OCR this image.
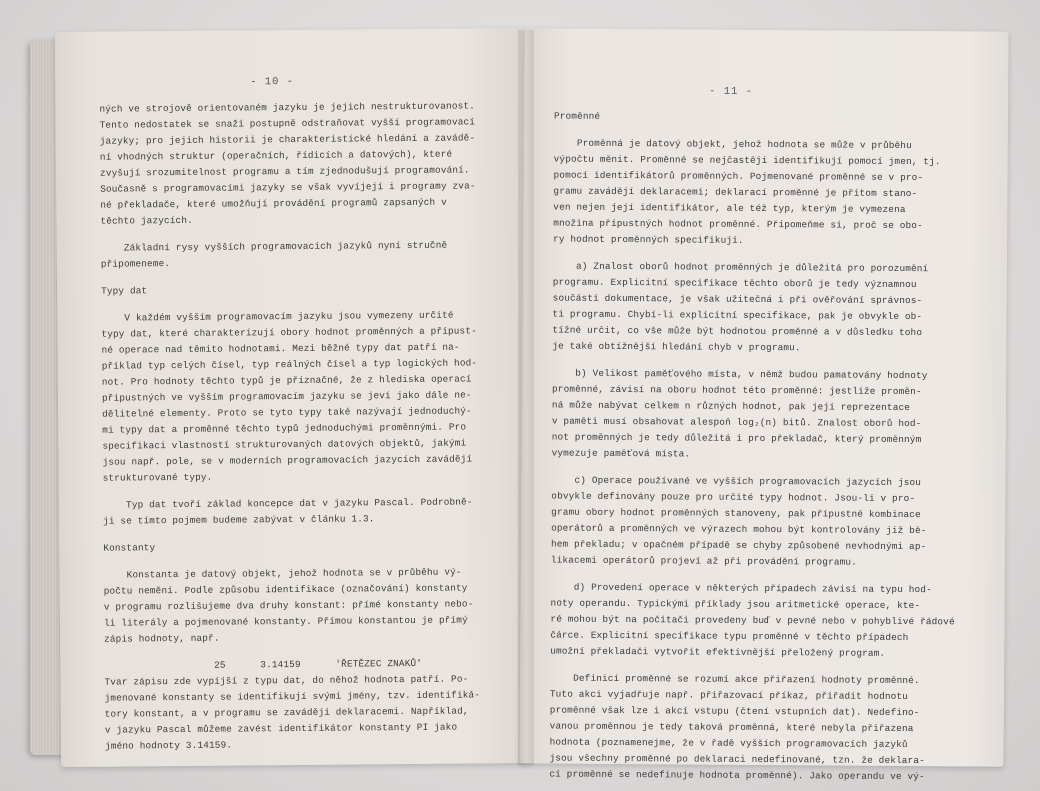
- 10 -
ných ve strojově orientovaném jazyku je jejich nestrukturovanost.
Tento nedostatek se snaží postupně odstraňovat vyšší programovací
jazyky; pro jejich historii je charakteristické hledání a zavádě-
ní vhodných struktur (operačních, řídicích a datových), které
zvyšují srozumitelnost programu a tím zjednodušují programování.
Současně s programovacími jazyky se však vyvíjejí i programy zva-
né překladače, které umožňují provádění programů zapsaných v
těchto jazycích.
Základní rysy vyšších programovacích jazyků nyní stručně
připomeneme.
Typy dat
V každém vyšším programovacím jazyku jsou vymezeny určité
typy dat, které charakterizují obory hodnot proměnných a přípust-
né operace nad těmito hodnotami. Mezi běžné typy dat patří na-
příklad typ celých čísel, typ reálných čísel a typ logických hod-
not. Pro hodnoty těchto typů je příznačné, že z hlediska operací
připustných ve vyšším programovacím jazyku se jeví jako dále ne-
dělitelné elementy. Proto se tyto typy také nazývají jednoduchý-
mi typy dat a proměnné těchto typů jednoduchými proměnnými. Pro
specifikaci vlastností strukturovaných datových objektů, jakými
jsou např. pole, se v moderních programovacích jazycích zavádějí
strukturované typy.
Typ dat tvoří základ koncepce dat v jazyku Pascal. Podrobně-
ji se tímto pojmem budeme zabývat v článku 1.3.
Konstanty
Konstanta je datový objekt, jehož hodnota se v průběhu vý-
počtu nemění. Podle způsobu identifikace (označování) konstanty
v programu rozlišujeme dva druhy konstant: přímé konstanty nebo-
li literály a pojmenované konstanty. Přímou konstantou je přímý
zápis hodnoty, např.
25      3.14159      'ŘETĚZEC ZNAKŮ'
Tvar zápisu zde vypíjší z typu dat, do něhož hodnota patří. Po-
jmenované konstanty se identifikují svými jmény, tzv. identifiká-
tory konstant, a v programu se zavádějí deklaracemi. Například,
v jazyku Pascal můžeme zavést identifikátor konstanty PI jako
jméno hodnoty 3.14159.
- 11 -
Proměnné
Proměnná je datový objekt, jehož hodnota se může v průběhu
výpočtu měnit. Proměnné se nejčastěji identifikují pomocí jmen, tj.
pomocí identifikátorů proměnných. Pojmenované proměnné se v pro-
gramu zavádějí deklaracemi; deklarací proměnné je přitom stano-
ven nejen její identifikátor, ale též typ, kterým je vymezena
množina přípustných hodnot proměnné. Připomeňme si, proč se obo-
ry hodnot proměnných specifikují.
a) Znalost oborů hodnot proměnných je důležitá pro porozumění
programu. Explicitní specifikace těchto oborů je tedy významnou
součástí dokumentace, je však užitečná i při ověřování správnos-
ti programu. Chybí-li explicitní specifikace, pak je obvykle ob-
tížné určit, co vše může být hodnotou proměnné a v důsledku toho
je také obtížnější hledání chyb v programu.
b) Velikost paměťového místa, v němž budou pamatovány hodnoty
proměnné, závisí na oboru hodnot této proměnné: jestliže proměn-
ná může nabývat celkem n různých hodnot, pak její reprezentace
v paměti musí obsahovat alespoň log₂(n) bitů. Znalost oborů hod-
not proměnných je tedy důležitá i pro překladač, který proměnným
vymezuje paměťová místa.
c) Operace používané ve vyšších programovacích jazycích jsou
obvykle definovány pouze pro určité typy hodnot. Jsou-li v pro-
gramu obory hodnot proměnných stanoveny, pak přípustné kombinace
operátorů a proměnných ve výrazech mohou být kontrolovány již bě-
hem překladu; v opačném případě se chyby způsobené nevhodnými ap-
likacemi operátorů projeví až při provádění programu.
d) Provedení operace v některých případech závisí na typu hod-
noty operandu. Typickými příklady jsou aritmetické operace, kte-
ré mohou být na počítači provedeny buď v pevné nebo v pohyblivé řádové
čárce. Explicitní specifikace typu proměnné v těchto případech
umožní překladači vytvořit efektivnější přeložený program.
Definicí proměnné se rozumí akce přiřazení hodnoty proměnné.
Tuto akci vyjadřuje např. přiřazovací příkaz, přiřadit hodnotu
proměnné však lze i akcí vstupu (čtení vstupních dat). Nedefino-
vanou proměnnou je tedy taková proměnná, které nebyla přiřazena
hodnota (poznamenejme, že v řadě vyšších programovacích jazyků
jsou všechny proměnné po deklaraci nedefinované, tzn. že deklara-
cí proměnné se nedefinuje hodnota proměnné). Jako operandu ve vý-
